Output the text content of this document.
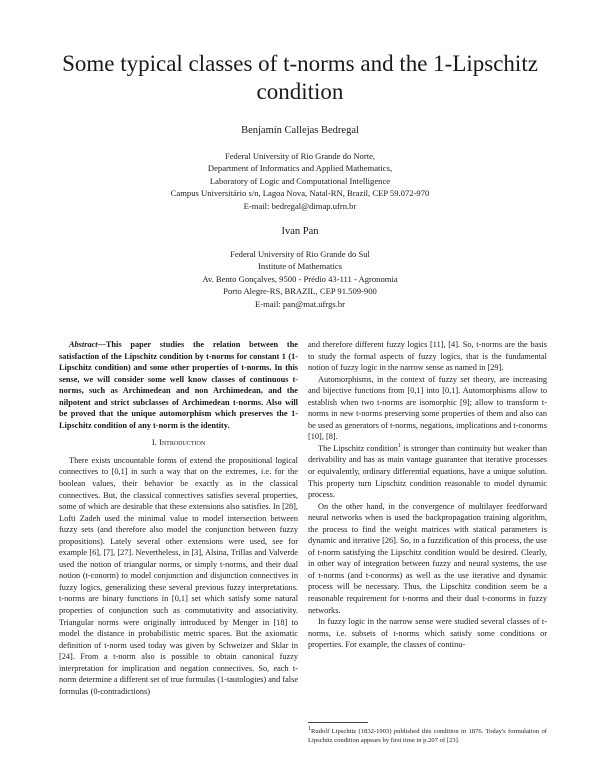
Some typical classes of t-norms and the 1-Lipschitz condition
Benjamín Callejas Bedregal
Federal University of Rio Grande do Norte,
Department of Informatics and Applied Mathematics,
Laboratory of Logic and Computational Intelligence
Campus Universitário s/n, Lagoa Nova, Natal-RN, Brazil, CEP 59.072-970
E-mail: bedregal@dimap.ufrn.br
Ivan Pan
Federal University of Rio Grande do Sul
Institute of Mathematics
Av. Bento Gonçalves, 9500 - Prédio 43-111 - Agronomia
Porto Alegre-RS, BRAZIL, CEP 91.509-900
E-mail: pan@mat.ufrgs.br

Abstract—This paper studies the relation between the satisfaction of the Lipschitz condition by t-norms for constant 1 (1-Lipschitz condition) and some other properties of t-norms. In this sense, we will consider some well know classes of continuous t-norms, such as Archimedean and non Archimedean, and the nilpotent and strict subclasses of Archimedean t-norms. Also will be proved that the unique automorphism which preserves the 1-Lipschitz condition of any t-norm is the identity.

I. Introduction

There exists uncountable forms of extend the propositional logical connectives to [0,1] in such a way that on the extremes, i.e. for the boolean values, their behavior be exactly as in the classical connectives. But, the classical connectives satisfies several properties, some of which are desirable that these extensions also satisfies. In [28], Lofti Zadeh used the minimal value to model intersection between fuzzy sets (and therefore also model the conjunction between fuzzy propositions). Lately several other extensions were used, see for example [6], [7], [27]. Nevertheless, in [3], Alsina, Trillas and Valverde used the notion of triangular norms, or simply t-norms, and their dual notion (t-conorm) to model conjunction and disjunction connectives in fuzzy logics, generalizing these several previous fuzzy interpretations. t-norms are binary functions in [0,1] set which satisfy some natural properties of conjunction such as commutativity and associativity. Triangular norms were originally introduced by Menger in [18] to model the distance in probabilistic metric spaces. But the axiomatic definition of t-norm used today was given by Schweizer and Sklar in [24]. From a t-norm also is possible to obtain canonical fuzzy interpretation for implication and negation connectives. So, each t-norm determine a different set of true formulas (1-tautologies) and false formulas (0-contradictions)

and therefore different fuzzy logics [11], [4]. So, t-norms are the basis to study the formal aspects of fuzzy logics, that is the fundamental notion of fuzzy logic in the narrow sense as named in [29].

Automorphisms, in the context of fuzzy set theory, are increasing and bijective functions from [0,1] into [0,1]. Automorphisms allow to establish when two t-norms are isomorphic [9]; allow to transform t-norms in new t-norms preserving some properties of them and also can be used as generators of t-norms, negations, implications and t-conorms [10], [8].

The Lipschitz condition$^1$ is stronger than continuity but weaker than derivability and has as main vantage guarantee that iterative processes or equivalently, ordinary differential equations, have a unique solution. This property turn Lipschitz condition reasonable to model dynamic process.

On the other hand, in the convergence of multilayer feedforward neural networks when is used the backpropagation training algorithm, the process to find the weight matrices with statical parameters is dynamic and iterative [26]. So, in a fuzzification of this process, the use of t-norm satisfying the Lipschitz condition would be desired. Clearly, in other way of integration between fuzzy and neural systems, the use of t-norms (and t-conorms) as well as the use iterative and dynamic process will be necessary. Thus, the Lipschitz condition seem be a reasonable requirement for t-norms and their dual t-conorms in fuzzy networks.

In fuzzy logic in the narrow sense were studied several classes of t-norms, i.e. subsets of t-norms which satisfy some conditions or properties. For example, the classes of continu-

$^1$Rudolf Lipschitz (1832-1903) published this condition in 1876. Today's formulation of Lipschitz condition appears by first time in p.207 of [23].
